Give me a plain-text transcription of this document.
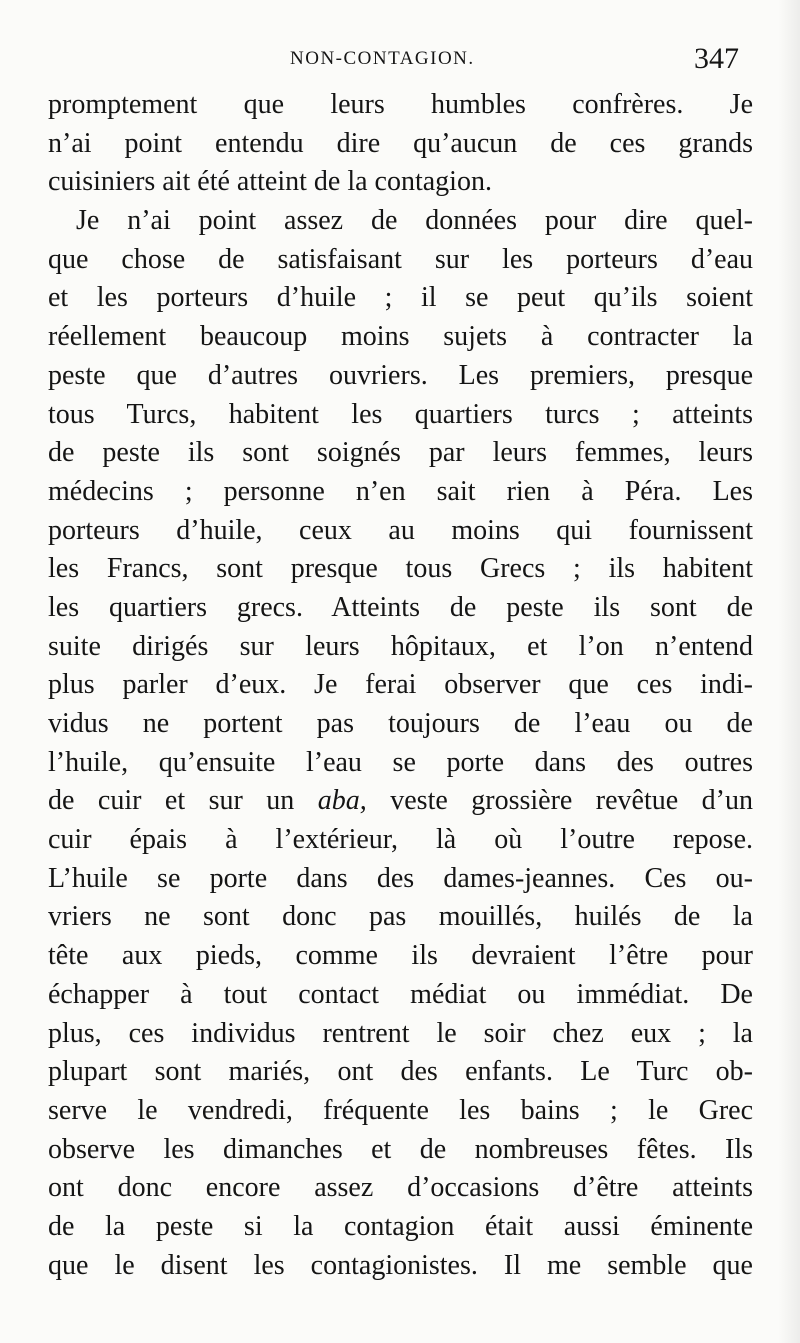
NON-CONTAGION.	347
promptement que leurs humbles confrères. Je
n’ai point entendu dire qu’aucun de ces grands
cuisiniers ait été atteint de la contagion.
Je n’ai point assez de données pour dire quel-
que chose de satisfaisant sur les porteurs d’eau
et les porteurs d’huile ; il se peut qu’ils soient
réellement beaucoup moins sujets à contracter la
peste que d’autres ouvriers. Les premiers, presque
tous Turcs, habitent les quartiers turcs ; atteints
de peste ils sont soignés par leurs femmes, leurs
médecins ; personne n’en sait rien à Péra. Les
porteurs d’huile, ceux au moins qui fournissent
les Francs, sont presque tous Grecs ; ils habitent
les quartiers grecs. Atteints de peste ils sont de
suite dirigés sur leurs hôpitaux, et l’on n’entend
plus parler d’eux. Je ferai observer que ces indi-
vidus ne portent pas toujours de l’eau ou de
l’huile, qu’ensuite l’eau se porte dans des outres
de cuir et sur un aba, veste grossière revêtue d’un
cuir épais à l’extérieur, là où l’outre repose.
L’huile se porte dans des dames-jeannes. Ces ou-
vriers ne sont donc pas mouillés, huilés de la
tête aux pieds, comme ils devraient l’être pour
échapper à tout contact médiat ou immédiat. De
plus, ces individus rentrent le soir chez eux ; la
plupart sont mariés, ont des enfants. Le Turc ob-
serve le vendredi, fréquente les bains ; le Grec
observe les dimanches et de nombreuses fêtes. Ils
ont donc encore assez d’occasions d’être atteints
de la peste si la contagion était aussi éminente
que le disent les contagionistes. Il me semble que
